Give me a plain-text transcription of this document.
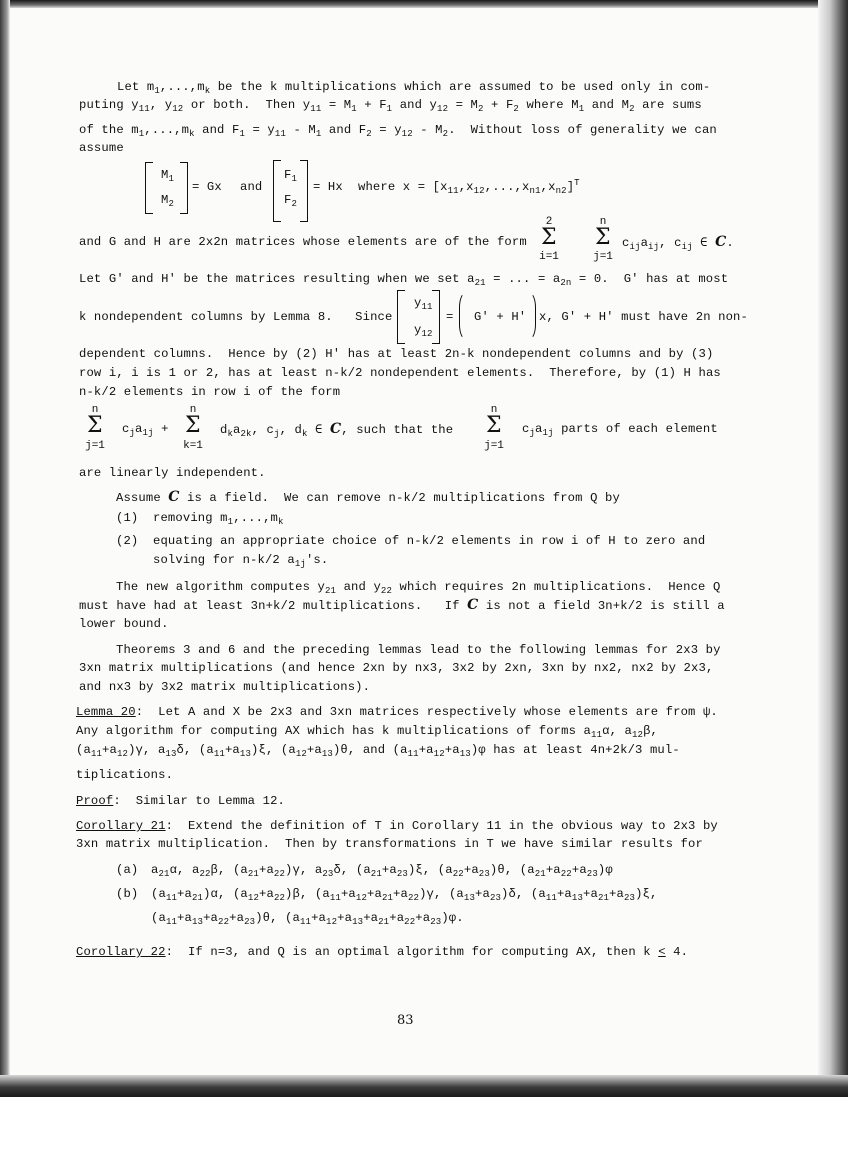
Let $m_1,...,m_k$ be the k multiplications which are assumed to be used only in com-
puting $y_{11}$, $y_{12}$ or both.  Then $y_{11} = M_1 + F_1$ and $y_{12} = M_2 + F_2$ where $M_1$ and $M_2$ are sums
of the $m_1,...,m_k$ and $F_1 = y_{11} - M_1$ and $F_2 = y_{12} - M_2$.  Without loss of generality we can
assume
$M_1$
$M_2$
= Gx and
$F_1$
$F_2$
= Hx where $x = [x_{11},x_{12},...,x_{n1},x_{n2}]^T$
and G and H are 2x2n matrices whose elements are of the form
2
Σ
i=1
n
Σ
j=1
$c_{ij}a_{ij}$, $c_{ij}$ ∈ C.
Let G' and H' be the matrices resulting when we set $a_{21}$ = ... = $a_{2n} = 0$.  G' has at most
k nondependent columns by Lemma 8.   Since
$y_{11}$
$y_{12}$
= G' + H' x, G' + H' must have 2n non-
dependent columns.  Hence by (2) H' has at least 2n-k nondependent columns and by (3)
row i, i is 1 or 2, has at least n-k/2 nondependent elements.  Therefore, by (1) H has
n-k/2 elements in row i of the form
n
Σ
j=1
$c_ja_{1j}$ +
n
Σ
k=1
$d_ka_{2k}$, $c_j$, $d_k$ ∈ C, such that the
n
Σ
j=1
$c_ja_{1j}$ parts of each element
are linearly independent.
Assume C is a field.  We can remove n-k/2 multiplications from Q by
(1) removing $m_1,...,m_k$
(2) equating an appropriate choice of n-k/2 elements in row i of H to zero and
solving for n-k/2 $a_{1j}'s$.
The new algorithm computes $y_{21}$ and $y_{22}$ which requires 2n multiplications.  Hence Q
must have had at least 3n+k/2 multiplications.   If C is not a field 3n+k/2 is still a
lower bound.
Theorems 3 and 6 and the preceding lemmas lead to the following lemmas for 2x3 by
3xn matrix multiplications (and hence 2xn by nx3, 3x2 by 2xn, 3xn by nx2, nx2 by 2x3,
and nx3 by 3x2 matrix multiplications).
Lemma 20:  Let A and X be 2x3 and 3xn matrices respectively whose elements are from ψ.
Any algorithm for computing AX which has k multiplications of forms $a_{11}\alpha$, $a_{12}\beta$,
$(a_{11}+a_{12})\gamma$, $a_{13}\delta$, $(a_{11}+a_{13})\xi$, $(a_{12}+a_{13})\theta$, and $(a_{11}+a_{12}+a_{13})\varphi$ has at least 4n+2k/3 mul-
tiplications.
Proof:  Similar to Lemma 12.
Corollary 21:  Extend the definition of T in Corollary 11 in the obvious way to 2x3 by
3xn matrix multiplication.  Then by transformations in T we have similar results for
(a) $a_{21}\alpha$, $a_{22}\beta$, $(a_{21}+a_{22})\gamma$, $a_{23}\delta$, $(a_{21}+a_{23})\xi$, $(a_{22}+a_{23})\theta$, $(a_{21}+a_{22}+a_{23})\varphi$
(b) $(a_{11}+a_{21})\alpha$, $(a_{12}+a_{22})\beta$, $(a_{11}+a_{12}+a_{21}+a_{22})\gamma$, $(a_{13}+a_{23})\delta$, $(a_{11}+a_{13}+a_{21}+a_{23})\xi$,
$(a_{11}+a_{13}+a_{22}+a_{23})\theta$, $(a_{11}+a_{12}+a_{13}+a_{21}+a_{22}+a_{23})\varphi$.
Corollary 22:  If n=3, and Q is an optimal algorithm for computing AX, then k ≤ 4.
83
